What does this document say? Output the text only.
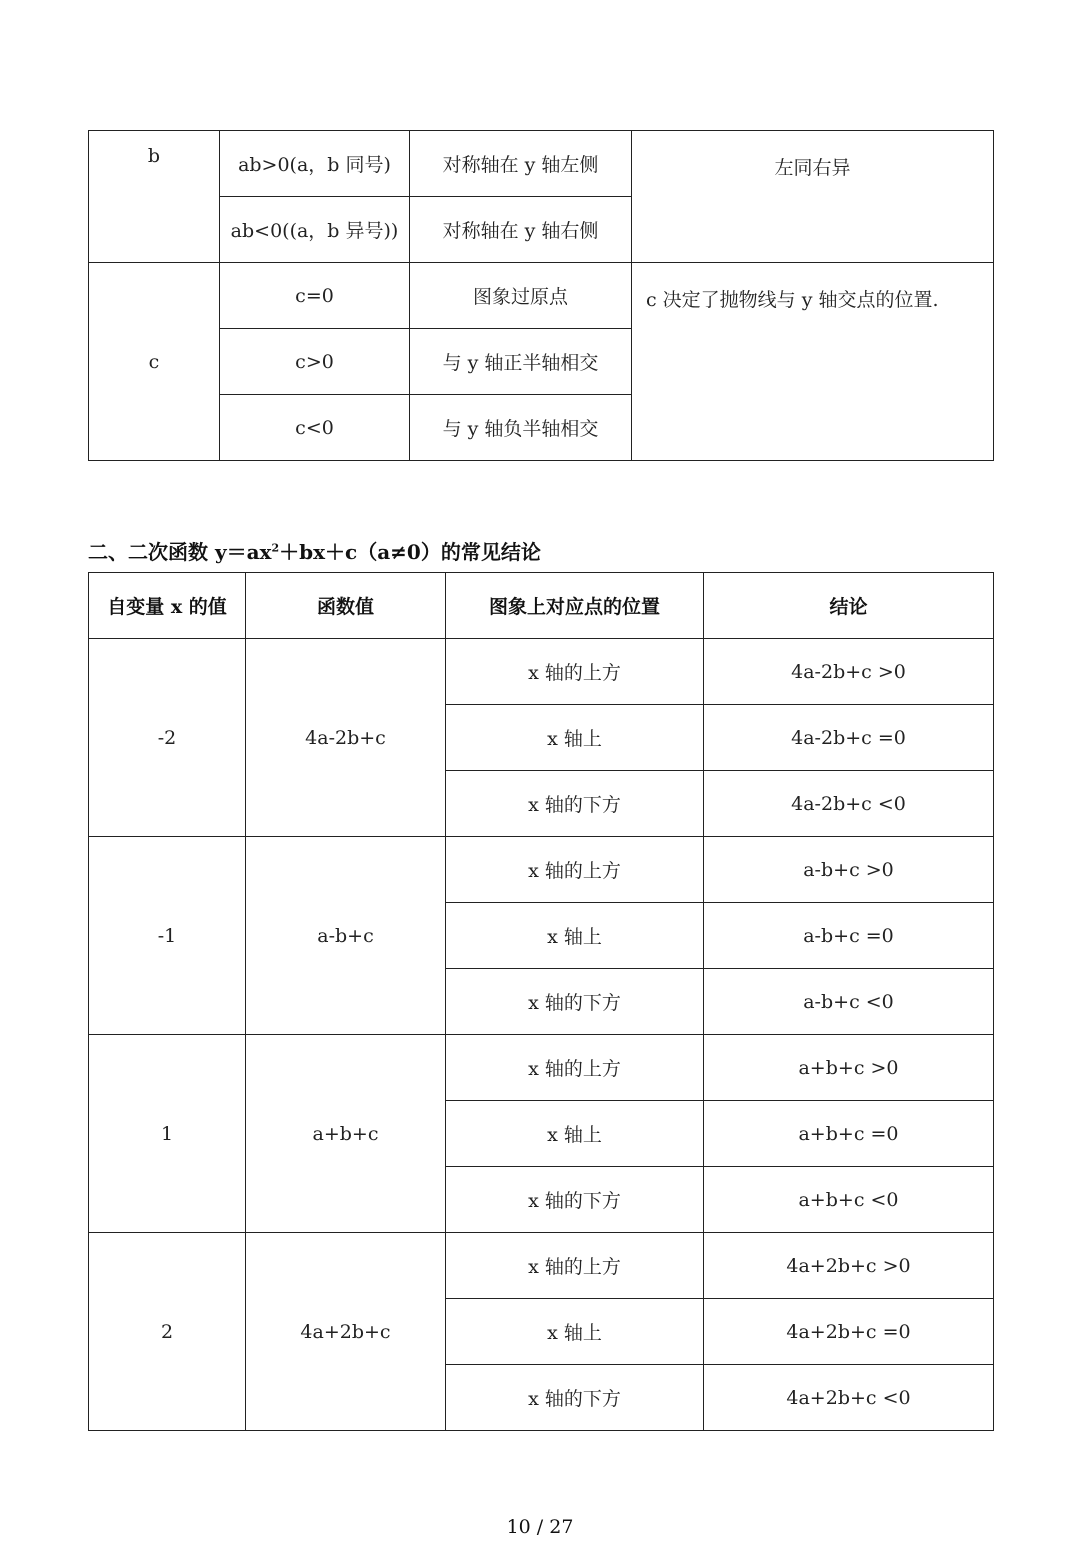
b	ab>0(a，b 同号)	对称轴在 y 轴左侧	左同右异
	ab<0((a，b 异号))	对称轴在 y 轴右侧	
c	c=0	图象过原点	c 决定了抛物线与 y 轴交点的位置.
	c>0	与 y 轴正半轴相交	
	c<0	与 y 轴负半轴相交	
二、二次函数 $y=ax^2+bx+c(a\ne 0)$的常见结论
自变量 x 的值	函数值	图象上对应点的位置	结论
-2	4a-2b+c	x 轴的上方	4a-2b+c >0
		x 轴上	4a-2b+c =0
		x 轴的下方	4a-2b+c <0
-1	a-b+c	x 轴的上方	a-b+c >0
		x 轴上	a-b+c =0
		x 轴的下方	a-b+c <0
1	a+b+c	x 轴的上方	a+b+c >0
		x 轴上	a+b+c =0
		x 轴的下方	a+b+c <0
2	4a+2b+c	x 轴的上方	4a+2b+c >0
		x 轴上	4a+2b+c =0
		x 轴的下方	4a+2b+c <0
10 / 27
